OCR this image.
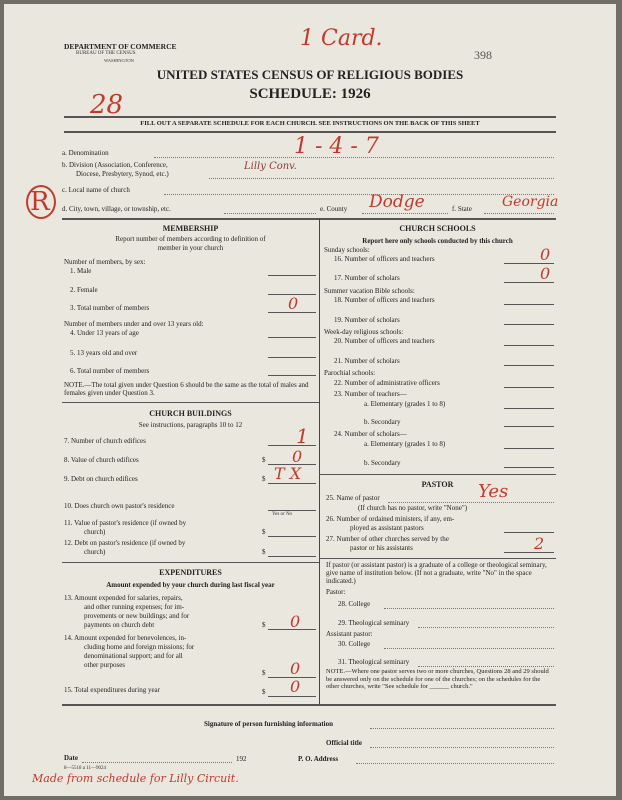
DEPARTMENT OF COMMERCE
BUREAU OF THE CENSUS
WASHINGTON	398
1 Card.
UNITED STATES CENSUS OF RELIGIOUS BODIES
SCHEDULE: 1926
28
FILL OUT A SEPARATE SCHEDULE FOR EACH CHURCH. SEE INSTRUCTIONS ON THE BACK OF THIS SHEET
a. Denomination	1 - 4 - 7
b. Division (Association, Conference,
Diocese, Presbytery, Synod, etc.)
Lilly Conv.
R c. Local name of church
d. City, town, village, or township, etc.	e. County Dodge	f. State Georgia
MEMBERSHIP
Report number of members according to definition of
member in your church
Number of members, by sex:
1. Male
2. Female
3. Total number of members	0
Number of members under and over 13 years old:
4. Under 13 years of age
5. 13 years old and over
6. Total number of members
NOTE.—The total given under Question 6 should be the same as the total of males and females given under Question 3.
CHURCH BUILDINGS
See instructions, paragraphs 10 to 12
7. Number of church edifices	1
8. Value of church edifices	$ 0
9. Debt on church edifices	$ T X
10. Does church own pastor's residence
Yes or No
11. Value of pastor's residence (if owned by
church)	$
12. Debt on pastor's residence (if owned by
church)	$
EXPENDITURES
Amount expended by your church during last fiscal year
13. Amount expended for salaries, repairs,
and other running expenses; for im-
provements or new buildings; and for
payments on church debt	$ 0
14. Amount expended for benevolences, in-
cluding home and foreign missions; for
denominational support; and for all
other purposes
$ 0
15. Total expenditures during year	$ 0
CHURCH SCHOOLS
Report here only schools conducted by this church
Sunday schools:
16. Number of officers and teachers	0
17. Number of scholars	0
Summer vacation Bible schools:
18. Number of officers and teachers
19. Number of scholars
Week-day religious schools:
20. Number of officers and teachers
21. Number of scholars
Parochial schools:
22. Number of administrative officers
23. Number of teachers—
a. Elementary (grades 1 to 8)
b. Secondary
24. Number of scholars—
a. Elementary (grades 1 to 8)
b. Secondary
PASTOR
25. Name of pastor	Yes
(If church has no pastor, write "None")
26. Number of ordained ministers, if any, em-
ployed as assistant pastors
27. Number of other churches served by the
pastor or his assistants	2
If pastor (or assistant pastor) is a graduate of a college or theological seminary, give name of institution below. (If not a graduate, write "No" in the space indicated.)
Pastor:
28. College
29. Theological seminary
Assistant pastor:
30. College
31. Theological seminary
NOTE.—Where one pastor serves two or more churches, Questions 28 and 29 should be answered only on the schedule for one of the churches; on the schedules for the other churches, write "See schedule for ______ church."
Signature of person furnishing information
Official title
Date	192	P. O. Address
8—5518 a 11—9024
Made from schedule for Lilly Circuit.
